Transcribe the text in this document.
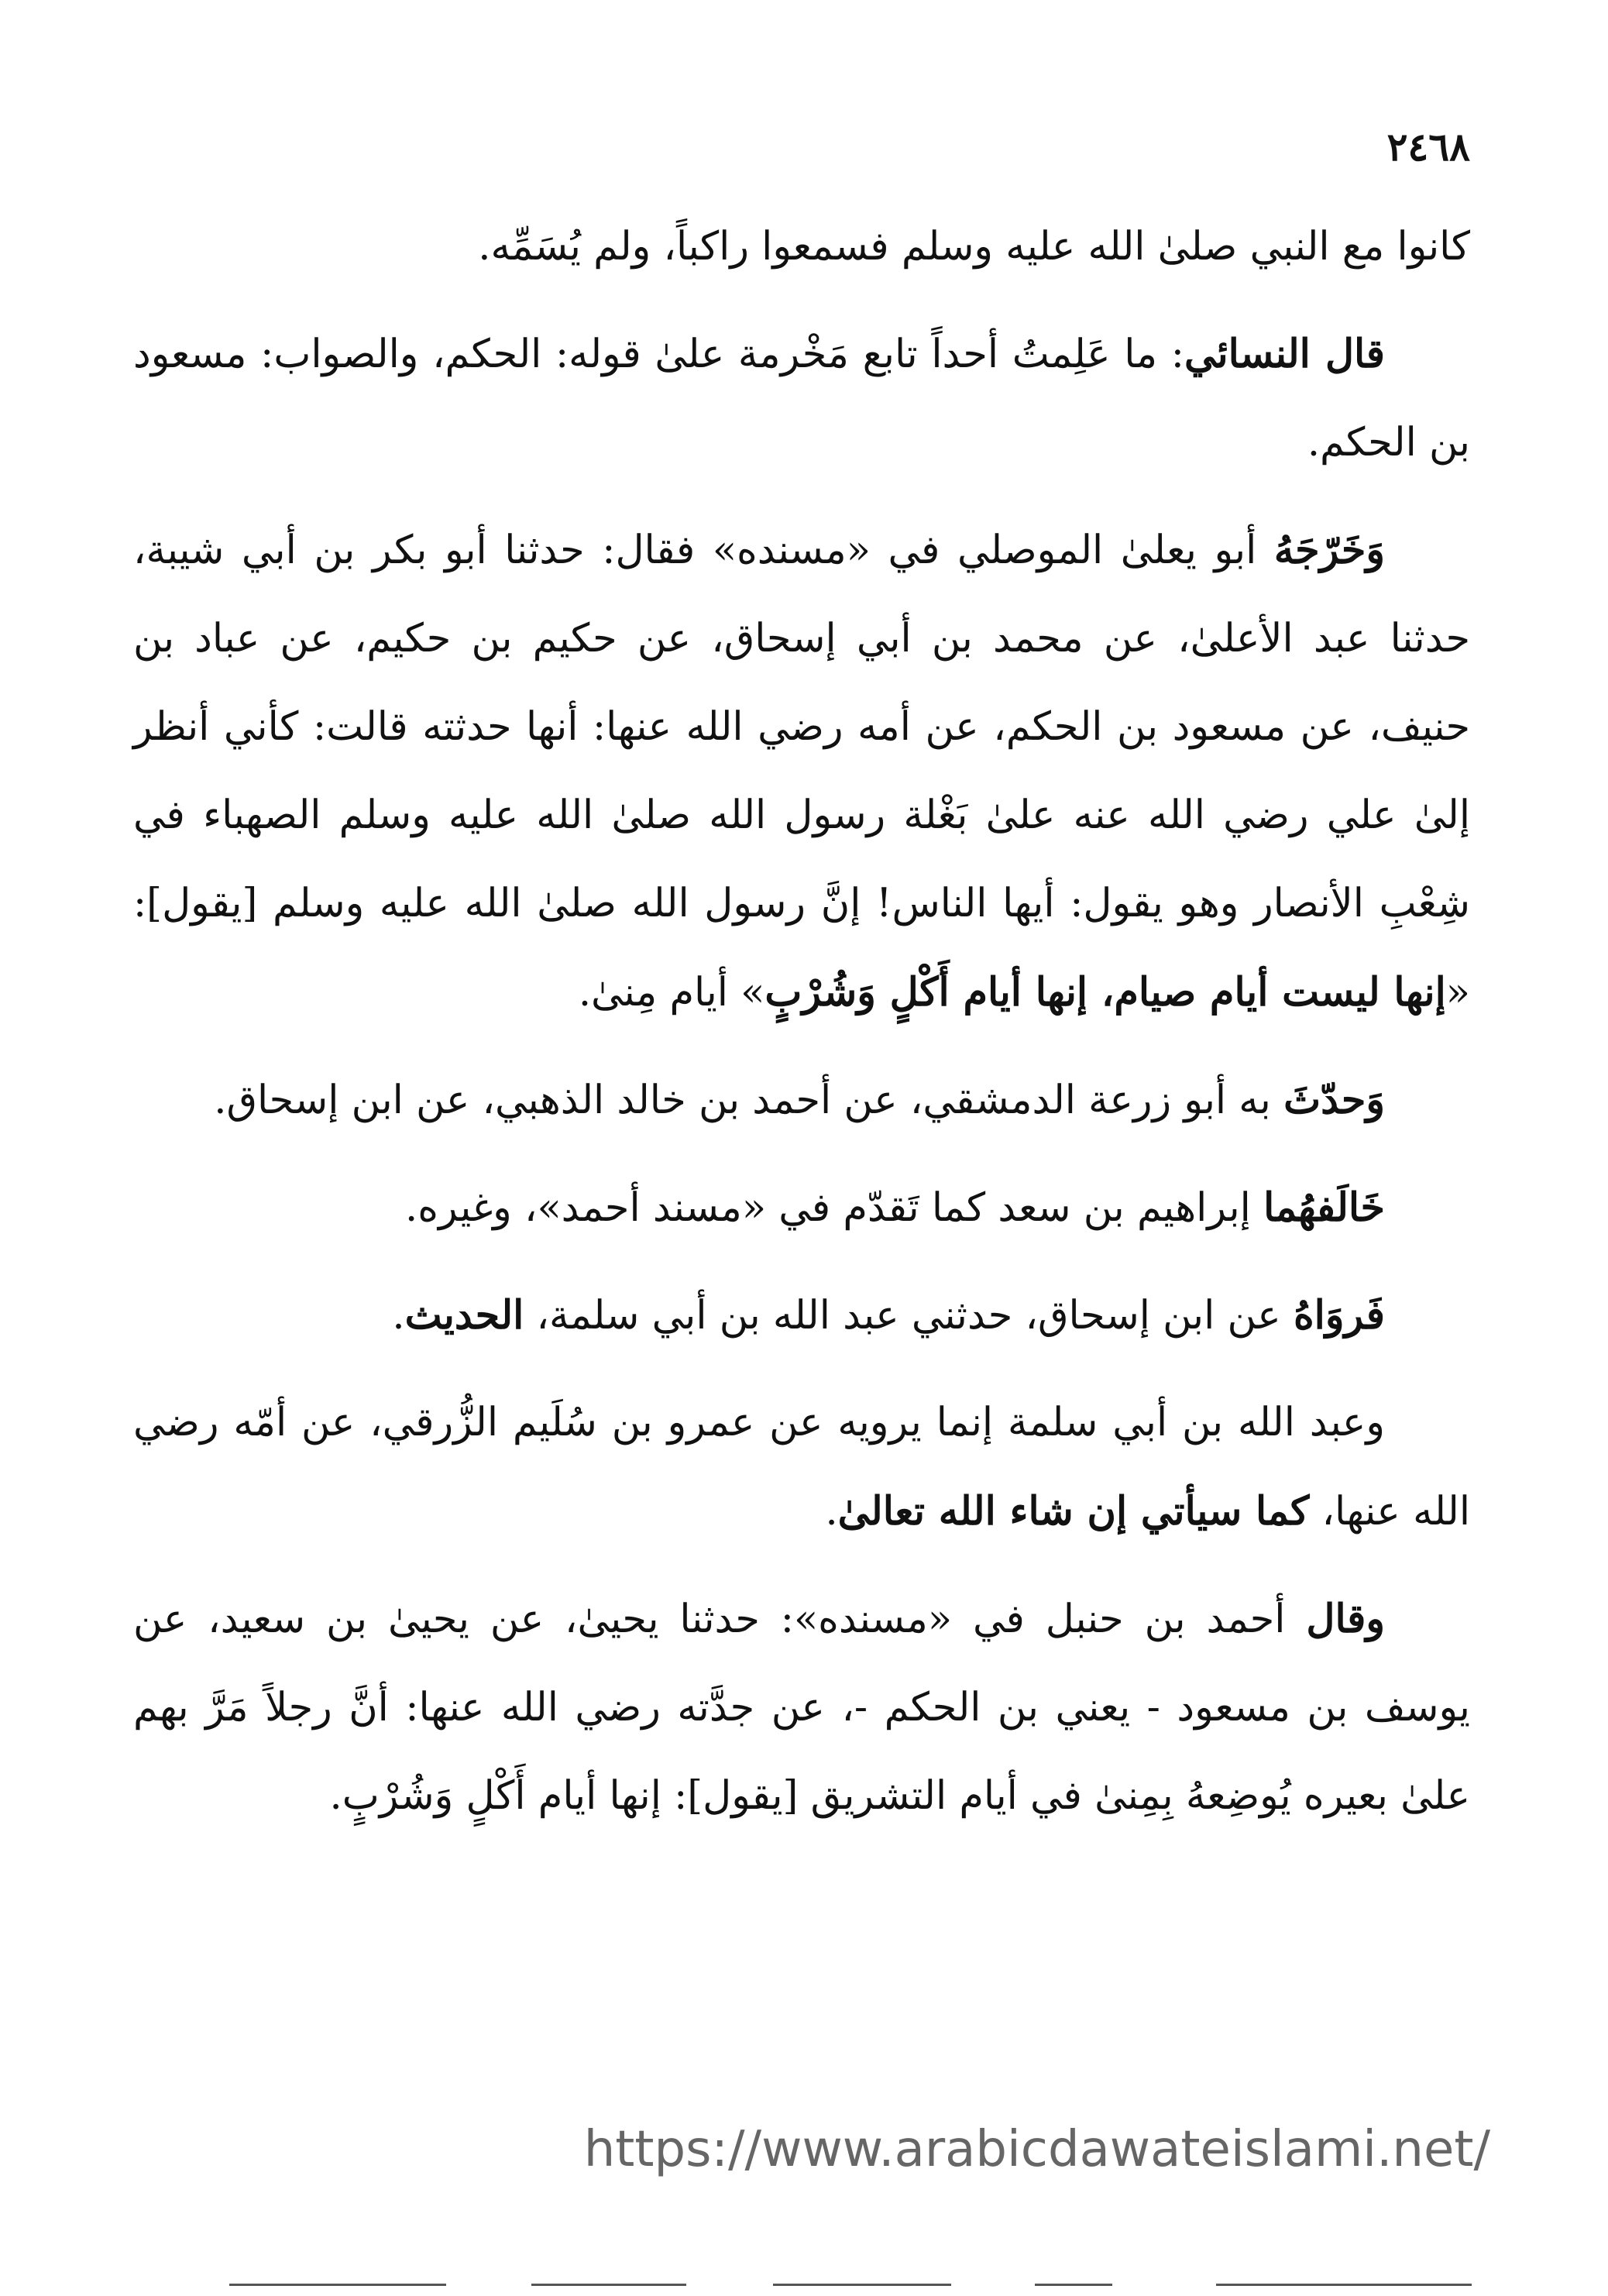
٢٤٦٨

كانوا مع النبي صلىٰ الله عليه وسلم فسمعوا راكباً، ولم يُسَمِّه.

قال النسائي: ما عَلِمتُ أحداً تابع مَخْرمة علىٰ قوله: الحكم، والصواب: مسعود بن الحكم.

وَخَرّجَهُ أبو يعلىٰ الموصلي في «مسنده» فقال: حدثنا أبو بكر بن أبي شيبة، حدثنا عبد الأعلىٰ، عن محمد بن أبي إسحاق، عن حكيم بن حكيم، عن عباد بن حنيف، عن مسعود بن الحكم، عن أمه رضي الله عنها: أنها حدثته قالت: كأني أنظر إلىٰ علي رضي الله عنه علىٰ بَغْلة رسول الله صلىٰ الله عليه وسلم الصهباء في شِعْبِ الأنصار وهو يقول: أيها الناس! إنَّ رسول الله صلىٰ الله عليه وسلم [يقول]: «إنها ليست أيام صيام، إنها أيام أَكْلٍ وَشُرْبٍ» أيام مِنىٰ.

وَحدّثَ به أبو زرعة الدمشقي، عن أحمد بن خالد الذهبي، عن ابن إسحاق.

خَالَفهُما إبراهيم بن سعد كما تَقدّم في «مسند أحمد»، وغيره.

فَروَاهُ عن ابن إسحاق، حدثني عبد الله بن أبي سلمة، الحديث.

وعبد الله بن أبي سلمة إنما يرويه عن عمرو بن سُلَيم الزُّرقي، عن أمّه رضي الله عنها، كما سيأتي إن شاء الله تعالىٰ.

وقال أحمد بن حنبل في «مسنده»: حدثنا يحيىٰ، عن يحيىٰ بن سعيد، عن يوسف بن مسعود - يعني بن الحكم -، عن جدَّته رضي الله عنها: أنَّ رجلاً مَرَّ بهم علىٰ بعيره يُوضِعهُ بِمِنىٰ في أيام التشريق [يقول]: إنها أيام أَكْلٍ وَشُرْبٍ.

https://www.arabicdawateislami.net/
